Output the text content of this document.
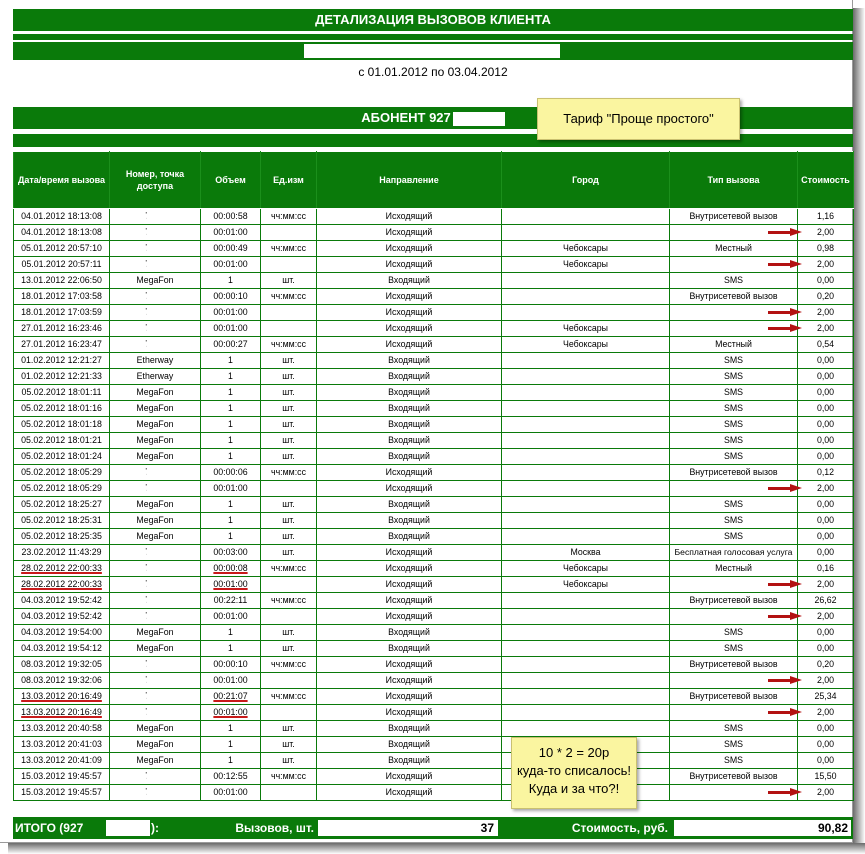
ДЕТАЛИЗАЦИЯ ВЫЗОВОВ КЛИЕНТА
с 01.01.2012 по 03.04.2012
АБОНЕНТ 927	Тариф "Проще простого"
Дата/время вызова	Номер, точка доступа	Объем	Ед.изм	Направление	Город	Тип вызова	Стоимость
04.01.2012 18:13:08		00:00:58	чч:мм:сс	Исходящий		Внутрисетевой вызов	1,16
04.01.2012 18:13:08		00:01:00		Исходящий			2,00

05.01.2012 20:57:10		00:00:49	чч:мм:сс	Исходящий	Чебоксары	Местный	0,98
05.01.2012 20:57:11		00:01:00		Исходящий	Чебоксары		2,00

13.01.2012 22:06:50	MegaFon	1	шт.	Входящий		SMS	0,00
18.01.2012 17:03:58		00:00:10	чч:мм:сс	Исходящий		Внутрисетевой вызов	0,20
18.01.2012 17:03:59		00:01:00		Исходящий			2,00

27.01.2012 16:23:46		00:01:00		Исходящий	Чебоксары		2,00

27.01.2012 16:23:47		00:00:27	чч:мм:сс	Исходящий	Чебоксары	Местный	0,54
01.02.2012 12:21:27	Etherway	1	шт.	Входящий		SMS	0,00
01.02.2012 12:21:33	Etherway	1	шт.	Входящий		SMS	0,00
05.02.2012 18:01:11	MegaFon	1	шт.	Входящий		SMS	0,00
05.02.2012 18:01:16	MegaFon	1	шт.	Входящий		SMS	0,00
05.02.2012 18:01:18	MegaFon	1	шт.	Входящий		SMS	0,00
05.02.2012 18:01:21	MegaFon	1	шт.	Входящий		SMS	0,00
05.02.2012 18:01:24	MegaFon	1	шт.	Входящий		SMS	0,00
05.02.2012 18:05:29		00:00:06	чч:мм:сс	Исходящий		Внутрисетевой вызов	0,12
05.02.2012 18:05:29		00:01:00		Исходящий			2,00

05.02.2012 18:25:27	MegaFon	1	шт.	Входящий		SMS	0,00
05.02.2012 18:25:31	MegaFon	1	шт.	Входящий		SMS	0,00
05.02.2012 18:25:35	MegaFon	1	шт.	Входящий		SMS	0,00
23.02.2012 11:43:29		00:03:00	шт.	Исходящий	Москва	Бесплатная голосовая услуга	0,00
28.02.2012 22:00:33		00:00:08	чч:мм:сс	Исходящий	Чебоксары	Местный	0,16
28.02.2012 22:00:33		00:01:00		Исходящий	Чебоксары		2,00

04.03.2012 19:52:42		00:22:11	чч:мм:сс	Исходящий		Внутрисетевой вызов	26,62
04.03.2012 19:52:42		00:01:00		Исходящий			2,00

04.03.2012 19:54:00	MegaFon	1	шт.	Входящий		SMS	0,00
04.03.2012 19:54:12	MegaFon	1	шт.	Входящий		SMS	0,00
08.03.2012 19:32:05		00:00:10	чч:мм:сс	Исходящий		Внутрисетевой вызов	0,20
08.03.2012 19:32:06		00:01:00		Исходящий			2,00

13.03.2012 20:16:49		00:21:07	чч:мм:сс	Исходящий		Внутрисетевой вызов	25,34
13.03.2012 20:16:49		00:01:00		Исходящий			2,00

13.03.2012 20:40:58	MegaFon	1	шт.	Входящий		SMS	0,00
13.03.2012 20:41:03	MegaFon	1	шт.	Входящий		SMS	0,00
13.03.2012 20:41:09	MegaFon	1	шт.	Входящий		SMS	0,00
15.03.2012 19:45:57		00:12:55	чч:мм:сс	Исходящий		Внутрисетевой вызов	15,50
15.03.2012 19:45:57		00:01:00		Исходящий			2,00
10 * 2 = 20р
куда-то списалось!
Куда и за что?!
ИТОГО (927	):	Вызовов, шт.	37	Стоимость, руб.	90,82
